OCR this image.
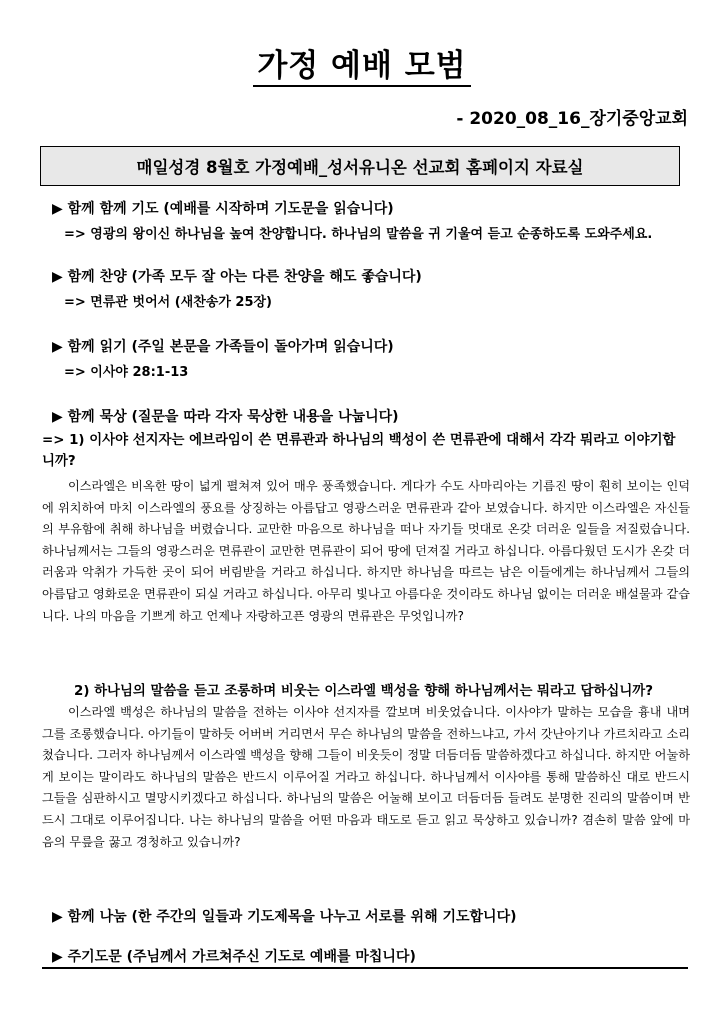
가정 예배 모범
- 2020_08_16_장기중앙교회
매일성경 8월호 가정예배_성서유니온 선교회 홈페이지 자료실
▶ 함께 함께 기도 (예배를 시작하며 기도문을 읽습니다)
=> 영광의 왕이신 하나님을 높여 찬양합니다. 하나님의 말씀을 귀 기울여 듣고 순종하도록 도와주세요.
▶ 함께 찬양 (가족 모두 잘 아는 다른 찬양을 해도 좋습니다)
=> 면류관 벗어서 (새찬송가 25장)
▶ 함께 읽기 (주일 본문을 가족들이 돌아가며 읽습니다)
=> 이사야 28:1-13
▶ 함께 묵상 (질문을 따라 각자 묵상한 내용을 나눕니다)
=> 1) 이사야 선지자는 에브라임이 쓴 면류관과 하나님의 백성이 쓴 면류관에 대해서 각각 뭐라고 이야기합니까?
이스라엘은 비옥한 땅이 넓게 펼쳐져 있어 매우 풍족했습니다. 게다가 수도 사마리아는 기름진 땅이 훤히 보이는 인덕에 위치하여 마치 이스라엘의 풍요를 상징하는 아름답고 영광스러운 면류관과 같아 보였습니다. 하지만 이스라엘은 자신들의 부유함에 취해 하나님을 버렸습니다. 교만한 마음으로 하나님을 떠나 자기들 멋대로 온갖 더러운 일들을 저질렀습니다. 하나님께서는 그들의 영광스러운 면류관이 교만한 면류관이 되어 땅에 던져질 거라고 하십니다. 아름다웠던 도시가 온갖 더러움과 악취가 가득한 곳이 되어 버림받을 거라고 하십니다. 하지만 하나님을 따르는 남은 이들에게는 하나님께서 그들의 아름답고 영화로운 면류관이 되실 거라고 하십니다. 아무리 빛나고 아름다운 것이라도 하나님 없이는 더러운 배설물과 같습니다. 나의 마음을 기쁘게 하고 언제나 자랑하고픈 영광의 면류관은 무엇입니까?
2) 하나님의 말씀을 듣고 조롱하며 비웃는 이스라엘 백성을 향해 하나님께서는 뭐라고 답하십니까?
이스라엘 백성은 하나님의 말씀을 전하는 이사야 선지자를 깔보며 비웃었습니다. 이사야가 말하는 모습을 흉내 내며 그를 조롱했습니다. 아기들이 말하듯 어버버 거리면서 무슨 하나님의 말씀을 전하느냐고, 가서 갓난아기나 가르치라고 소리쳤습니다. 그러자 하나님께서 이스라엘 백성을 향해 그들이 비웃듯이 정말 더듬더듬 말씀하겠다고 하십니다. 하지만 어눌하게 보이는 말이라도 하나님의 말씀은 반드시 이루어질 거라고 하십니다. 하나님께서 이사야를 통해 말씀하신 대로 반드시 그들을 심판하시고 멸망시키겠다고 하십니다. 하나님의 말씀은 어눌해 보이고 더듬더듬 들려도 분명한 진리의 말씀이며 반드시 그대로 이루어집니다. 나는 하나님의 말씀을 어떤 마음과 태도로 듣고 읽고 묵상하고 있습니까? 겸손히 말씀 앞에 마음의 무릎을 꿇고 경청하고 있습니까?
▶ 함께 나눔 (한 주간의 일들과 기도제목을 나누고 서로를 위해 기도합니다)
▶ 주기도문 (주님께서 가르쳐주신 기도로 예배를 마칩니다)
